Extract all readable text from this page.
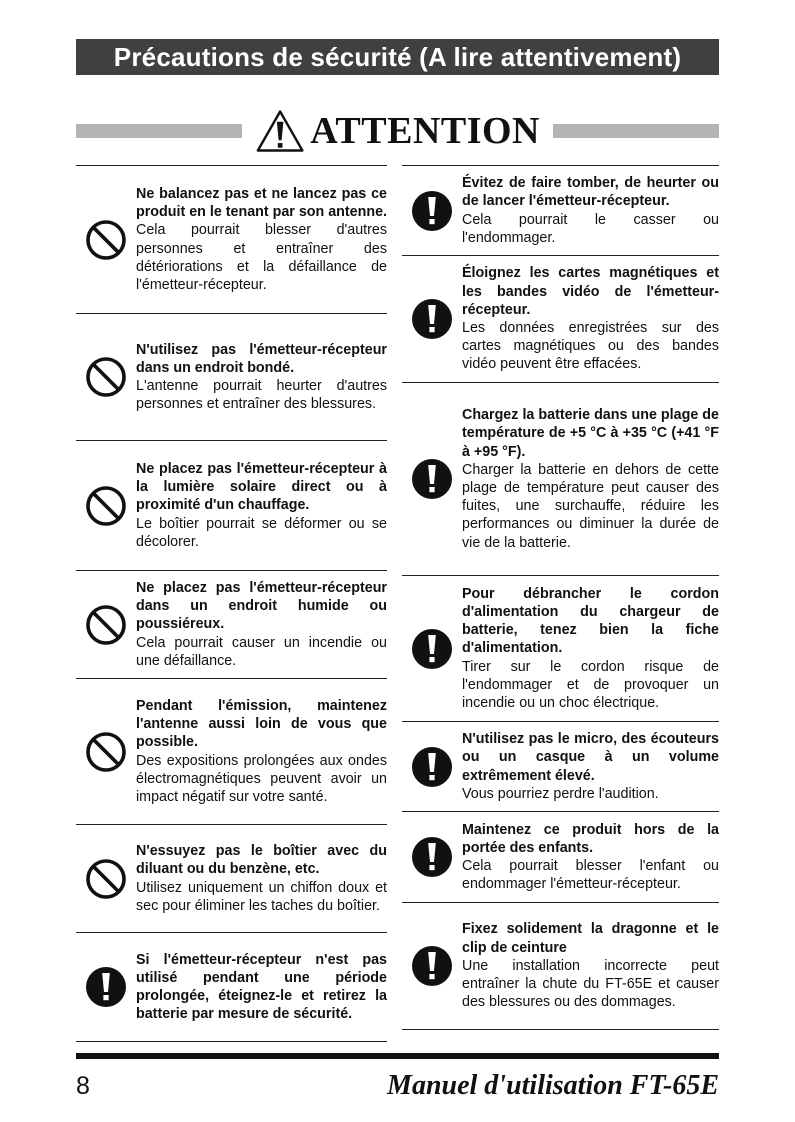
Précautions de sécurité (A lire attentivement)
ATTENTION
Ne balancez pas et ne lancez pas ce produit en le tenant par son antenne.
Cela pourrait blesser d'autres personnes et entraîner des détériorations et la défaillance de l'émetteur-récepteur.
N'utilisez pas l'émetteur-récepteur dans un endroit bondé.
L'antenne pourrait heurter d'autres personnes et entraîner des blessures.
Ne placez pas l'émetteur-récepteur à la lumière solaire direct ou à proximité d'un chauffage.
Le boîtier pourrait se déformer ou se décolorer.
Ne placez pas l'émetteur-récepteur dans un endroit humide ou poussiéreux.
Cela pourrait causer un incendie ou une défaillance.
Pendant l'émission, maintenez l'antenne aussi loin de vous que possible.
Des expositions prolongées aux ondes électromagnétiques peuvent avoir un impact négatif sur votre santé.
N'essuyez pas le boîtier avec du diluant ou du benzène, etc.
Utilisez uniquement un chiffon doux et sec pour éliminer les taches du boîtier.
Si l'émetteur-récepteur n'est pas utilisé pendant une période prolongée, éteignez-le et retirez la batterie par mesure de sécurité.
Évitez de faire tomber, de heurter ou de lancer l'émetteur-récepteur.
Cela pourrait le casser ou l'endommager.
Éloignez les cartes magnétiques et les bandes vidéo de l'émetteur-récepteur.
Les données enregistrées sur des cartes magnétiques ou des bandes vidéo peuvent être effacées.
Chargez la batterie dans une plage de température de +5 °C à +35 °C (+41 °F à +95 °F).
Charger la batterie en dehors de cette plage de température peut causer des fuites, une surchauffe, réduire les performances ou diminuer la durée de vie de la batterie.
Pour débrancher le cordon d'alimentation du chargeur de batterie, tenez bien la fiche d'alimentation.
Tirer sur le cordon risque de l'endommager et de provoquer un incendie ou un choc électrique.
N'utilisez pas le micro, des écouteurs ou un casque à un volume extrêmement élevé.
Vous pourriez perdre l'audition.
Maintenez ce produit hors de la portée des enfants.
Cela pourrait blesser l'enfant ou endommager l'émetteur-récepteur.
Fixez solidement la dragonne et le clip de ceinture
Une installation incorrecte peut entraîner la chute du FT-65E et causer des blessures ou des dommages.
8	Manuel d'utilisation FT-65E
